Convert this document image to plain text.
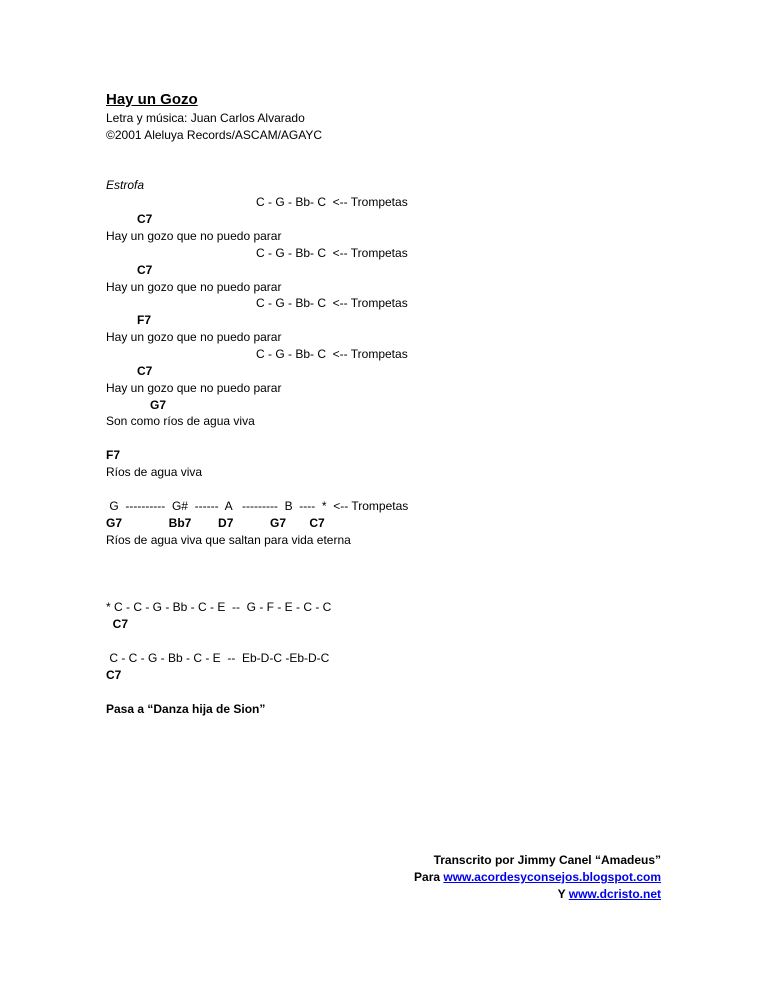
Hay un Gozo
Letra y música: Juan Carlos Alvarado
©2001 Aleluya Records/ASCAM/AGAYC
Estrofa
C - G - Bb- C  <-- Trompetas
C7
Hay un gozo que no puedo parar
C - G - Bb- C  <-- Trompetas
C7
Hay un gozo que no puedo parar
C - G - Bb- C  <-- Trompetas
F7
Hay un gozo que no puedo parar
C - G - Bb- C  <-- Trompetas
C7
Hay un gozo que no puedo parar
G7
Son como ríos de agua viva
F7
Ríos de agua viva
G  ----------  G#  ------  A   ---------  B  ----  *  <-- Trompetas
G7              Bb7        D7           G7       C7
Ríos de agua viva que saltan para vida eterna
* C - C - G - Bb - C - E  --  G - F - E - C - C
C7
C - C - G - Bb - C - E  --  Eb-D-C -Eb-D-C
C7
Pasa a “Danza hija de Sion”
Transcrito por Jimmy Canel “Amadeus”
Para www.acordesyconsejos.blogspot.com
Y www.dcristo.net
